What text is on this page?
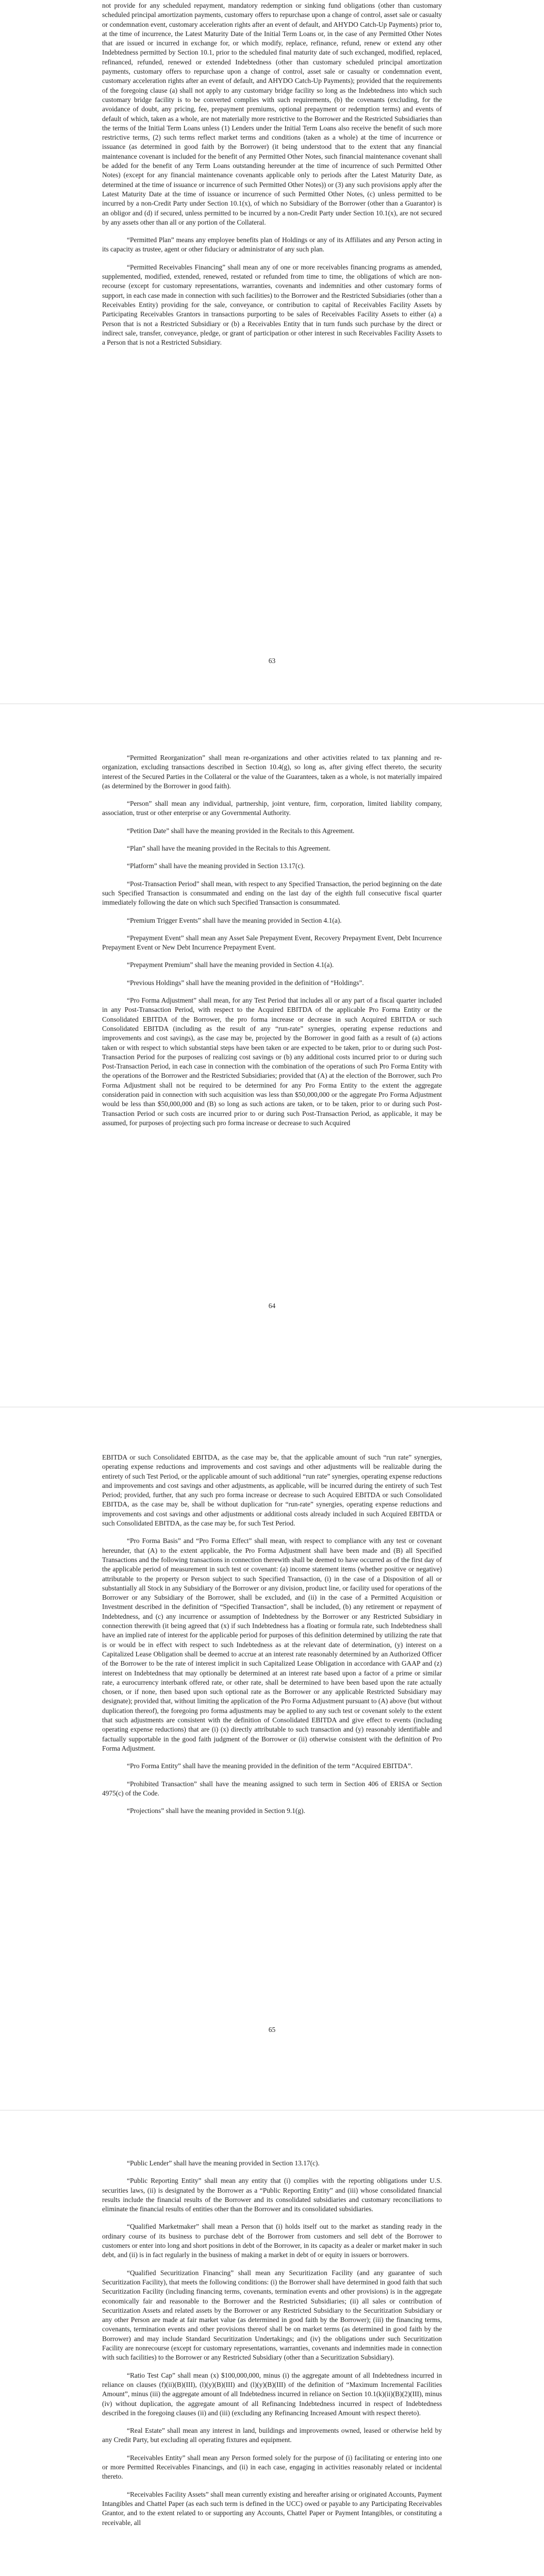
not provide for any scheduled repayment, mandatory redemption or sinking fund obligations (other than customary scheduled principal amortization payments, customary offers to repurchase upon a change of control, asset sale or casualty or condemnation event, customary acceleration rights after an event of default, and AHYDO Catch-Up Payments) prior to, at the time of incurrence, the Latest Maturity Date of the Initial Term Loans or, in the case of any Permitted Other Notes that are issued or incurred in exchange for, or which modify, replace, refinance, refund, renew or extend any other Indebtedness permitted by Section 10.1, prior to the scheduled final maturity date of such exchanged, modified, replaced, refinanced, refunded, renewed or extended Indebtedness (other than customary scheduled principal amortization payments, customary offers to repurchase upon a change of control, asset sale or casualty or condemnation event, customary acceleration rights after an event of default, and AHYDO Catch-Up Payments); provided that the requirements of the foregoing clause (a) shall not apply to any customary bridge facility so long as the Indebtedness into which such customary bridge facility is to be converted complies with such requirements, (b) the covenants (excluding, for the avoidance of doubt, any pricing, fee, prepayment premiums, optional prepayment or redemption terms) and events of default of which, taken as a whole, are not materially more restrictive to the Borrower and the Restricted Subsidiaries than the terms of the Initial Term Loans unless (1) Lenders under the Initial Term Loans also receive the benefit of such more restrictive terms, (2) such terms reflect market terms and conditions (taken as a whole) at the time of incurrence or issuance (as determined in good faith by the Borrower) (it being understood that to the extent that any financial maintenance covenant is included for the benefit of any Permitted Other Notes, such financial maintenance covenant shall be added for the benefit of any Term Loans outstanding hereunder at the time of incurrence of such Permitted Other Notes) (except for any financial maintenance covenants applicable only to periods after the Latest Maturity Date, as determined at the time of issuance or incurrence of such Permitted Other Notes)) or (3) any such provisions apply after the Latest Maturity Date at the time of issuance or incurrence of such Permitted Other Notes, (c) unless permitted to be incurred by a non-Credit Party under Section 10.1(x), of which no Subsidiary of the Borrower (other than a Guarantor) is an obligor and (d) if secured, unless permitted to be incurred by a non-Credit Party under Section 10.1(x), are not secured by any assets other than all or any portion of the Collateral.

“Permitted Plan” means any employee benefits plan of Holdings or any of its Affiliates and any Person acting in its capacity as trustee, agent or other fiduciary or administrator of any such plan.

“Permitted Receivables Financing” shall mean any of one or more receivables financing programs as amended, supplemented, modified, extended, renewed, restated or refunded from time to time, the obligations of which are non-recourse (except for customary representations, warranties, covenants and indemnities and other customary forms of support, in each case made in connection with such facilities) to the Borrower and the Restricted Subsidiaries (other than a Receivables Entity) providing for the sale, conveyance, or contribution to capital of Receivables Facility Assets by Participating Receivables Grantors in transactions purporting to be sales of Receivables Facility Assets to either (a) a Person that is not a Restricted Subsidiary or (b) a Receivables Entity that in turn funds such purchase by the direct or indirect sale, transfer, conveyance, pledge, or grant of participation or other interest in such Receivables Facility Assets to a Person that is not a Restricted Subsidiary.

63

“Permitted Reorganization” shall mean re-organizations and other activities related to tax planning and re-organization, excluding transactions described in Section 10.4(g), so long as, after giving effect thereto, the security interest of the Secured Parties in the Collateral or the value of the Guarantees, taken as a whole, is not materially impaired (as determined by the Borrower in good faith).

“Person” shall mean any individual, partnership, joint venture, firm, corporation, limited liability company, association, trust or other enterprise or any Governmental Authority.

“Petition Date” shall have the meaning provided in the Recitals to this Agreement.

“Plan” shall have the meaning provided in the Recitals to this Agreement.

“Platform” shall have the meaning provided in Section 13.17(c).

“Post-Transaction Period” shall mean, with respect to any Specified Transaction, the period beginning on the date such Specified Transaction is consummated and ending on the last day of the eighth full consecutive fiscal quarter immediately following the date on which such Specified Transaction is consummated.

“Premium Trigger Events” shall have the meaning provided in Section 4.1(a).

“Prepayment Event” shall mean any Asset Sale Prepayment Event, Recovery Prepayment Event, Debt Incurrence Prepayment Event or New Debt Incurrence Prepayment Event.

“Prepayment Premium” shall have the meaning provided in Section 4.1(a).

“Previous Holdings” shall have the meaning provided in the definition of “Holdings”.

“Pro Forma Adjustment” shall mean, for any Test Period that includes all or any part of a fiscal quarter included in any Post-Transaction Period, with respect to the Acquired EBITDA of the applicable Pro Forma Entity or the Consolidated EBITDA of the Borrower, the pro forma increase or decrease in such Acquired EBITDA or such Consolidated EBITDA (including as the result of any “run-rate” synergies, operating expense reductions and improvements and cost savings), as the case may be, projected by the Borrower in good faith as a result of (a) actions taken or with respect to which substantial steps have been taken or are expected to be taken, prior to or during such Post-Transaction Period for the purposes of realizing cost savings or (b) any additional costs incurred prior to or during such Post-Transaction Period, in each case in connection with the combination of the operations of such Pro Forma Entity with the operations of the Borrower and the Restricted Subsidiaries; provided that (A) at the election of the Borrower, such Pro Forma Adjustment shall not be required to be determined for any Pro Forma Entity to the extent the aggregate consideration paid in connection with such acquisition was less than $50,000,000 or the aggregate Pro Forma Adjustment would be less than $50,000,000 and (B) so long as such actions are taken, or to be taken, prior to or during such Post-Transaction Period or such costs are incurred prior to or during such Post-Transaction Period, as applicable, it may be assumed, for purposes of projecting such pro forma increase or decrease to such Acquired

64

EBITDA or such Consolidated EBITDA, as the case may be, that the applicable amount of such “run rate” synergies, operating expense reductions and improvements and cost savings and other adjustments will be realizable during the entirety of such Test Period, or the applicable amount of such additional “run rate” synergies, operating expense reductions and improvements and cost savings and other adjustments, as applicable, will be incurred during the entirety of such Test Period; provided, further, that any such pro forma increase or decrease to such Acquired EBITDA or such Consolidated EBITDA, as the case may be, shall be without duplication for “run-rate” synergies, operating expense reductions and improvements and cost savings and other adjustments or additional costs already included in such Acquired EBITDA or such Consolidated EBITDA, as the case may be, for such Test Period.

“Pro Forma Basis” and “Pro Forma Effect” shall mean, with respect to compliance with any test or covenant hereunder, that (A) to the extent applicable, the Pro Forma Adjustment shall have been made and (B) all Specified Transactions and the following transactions in connection therewith shall be deemed to have occurred as of the first day of the applicable period of measurement in such test or covenant: (a) income statement items (whether positive or negative) attributable to the property or Person subject to such Specified Transaction, (i) in the case of a Disposition of all or substantially all Stock in any Subsidiary of the Borrower or any division, product line, or facility used for operations of the Borrower or any Subsidiary of the Borrower, shall be excluded, and (ii) in the case of a Permitted Acquisition or Investment described in the definition of “Specified Transaction”, shall be included, (b) any retirement or repayment of Indebtedness, and (c) any incurrence or assumption of Indebtedness by the Borrower or any Restricted Subsidiary in connection therewith (it being agreed that (x) if such Indebtedness has a floating or formula rate, such Indebtedness shall have an implied rate of interest for the applicable period for purposes of this definition determined by utilizing the rate that is or would be in effect with respect to such Indebtedness as at the relevant date of determination, (y) interest on a Capitalized Lease Obligation shall be deemed to accrue at an interest rate reasonably determined by an Authorized Officer of the Borrower to be the rate of interest implicit in such Capitalized Lease Obligation in accordance with GAAP and (z) interest on Indebtedness that may optionally be determined at an interest rate based upon a factor of a prime or similar rate, a eurocurrency interbank offered rate, or other rate, shall be determined to have been based upon the rate actually chosen, or if none, then based upon such optional rate as the Borrower or any applicable Restricted Subsidiary may designate); provided that, without limiting the application of the Pro Forma Adjustment pursuant to (A) above (but without duplication thereof), the foregoing pro forma adjustments may be applied to any such test or covenant solely to the extent that such adjustments are consistent with the definition of Consolidated EBITDA and give effect to events (including operating expense reductions) that are (i) (x) directly attributable to such transaction and (y) reasonably identifiable and factually supportable in the good faith judgment of the Borrower or (ii) otherwise consistent with the definition of Pro Forma Adjustment.

“Pro Forma Entity” shall have the meaning provided in the definition of the term “Acquired EBITDA”.

“Prohibited Transaction” shall have the meaning assigned to such term in Section 406 of ERISA or Section 4975(c) of the Code.

“Projections” shall have the meaning provided in Section 9.1(g).

65

“Public Lender” shall have the meaning provided in Section 13.17(c).

“Public Reporting Entity” shall mean any entity that (i) complies with the reporting obligations under U.S. securities laws, (ii) is designated by the Borrower as a “Public Reporting Entity” and (iii) whose consolidated financial results include the financial results of the Borrower and its consolidated subsidiaries and customary reconciliations to eliminate the financial results of entities other than the Borrower and its consolidated subsidiaries.

“Qualified Marketmaker” shall mean a Person that (i) holds itself out to the market as standing ready in the ordinary course of its business to purchase debt of the Borrower from customers and sell debt of the Borrower to customers or enter into long and short positions in debt of the Borrower, in its capacity as a dealer or market maker in such debt, and (ii) is in fact regularly in the business of making a market in debt of or equity in issuers or borrowers.

“Qualified Securitization Financing” shall mean any Securitization Facility (and any guarantee of such Securitization Facility), that meets the following conditions: (i) the Borrower shall have determined in good faith that such Securitization Facility (including financing terms, covenants, termination events and other provisions) is in the aggregate economically fair and reasonable to the Borrower and the Restricted Subsidiaries; (ii) all sales or contribution of Securitization Assets and related assets by the Borrower or any Restricted Subsidiary to the Securitization Subsidiary or any other Person are made at fair market value (as determined in good faith by the Borrower); (iii) the financing terms, covenants, termination events and other provisions thereof shall be on market terms (as determined in good faith by the Borrower) and may include Standard Securitization Undertakings; and (iv) the obligations under such Securitization Facility are nonrecourse (except for customary representations, warranties, covenants and indemnities made in connection with such facilities) to the Borrower or any Restricted Subsidiary (other than a Securitization Subsidiary).

“Ratio Test Cap” shall mean (x) $100,000,000, minus (i) the aggregate amount of all Indebtedness incurred in reliance on clauses (f)(ii)(B)(III), (l)(y)(B)(III) and (l)(y)(B)(III) of the definition of “Maximum Incremental Facilities Amount”, minus (iii) the aggregate amount of all Indebtedness incurred in reliance on Section 10.1(k)(ii)(B)(2)(III), minus (iv) without duplication, the aggregate amount of all Refinancing Indebtedness incurred in respect of Indebtedness described in the foregoing clauses (ii) and (iii) (excluding any Refinancing Increased Amount with respect thereto).

“Real Estate” shall mean any interest in land, buildings and improvements owned, leased or otherwise held by any Credit Party, but excluding all operating fixtures and equipment.

“Receivables Entity” shall mean any Person formed solely for the purpose of (i) facilitating or entering into one or more Permitted Receivables Financings, and (ii) in each case, engaging in activities reasonably related or incidental thereto.

“Receivables Facility Assets” shall mean currently existing and hereafter arising or originated Accounts, Payment Intangibles and Chattel Paper (as each such term is defined in the UCC) owed or payable to any Participating Receivables Grantor, and to the extent related to or supporting any Accounts, Chattel Paper or Payment Intangibles, or constituting a receivable, all
